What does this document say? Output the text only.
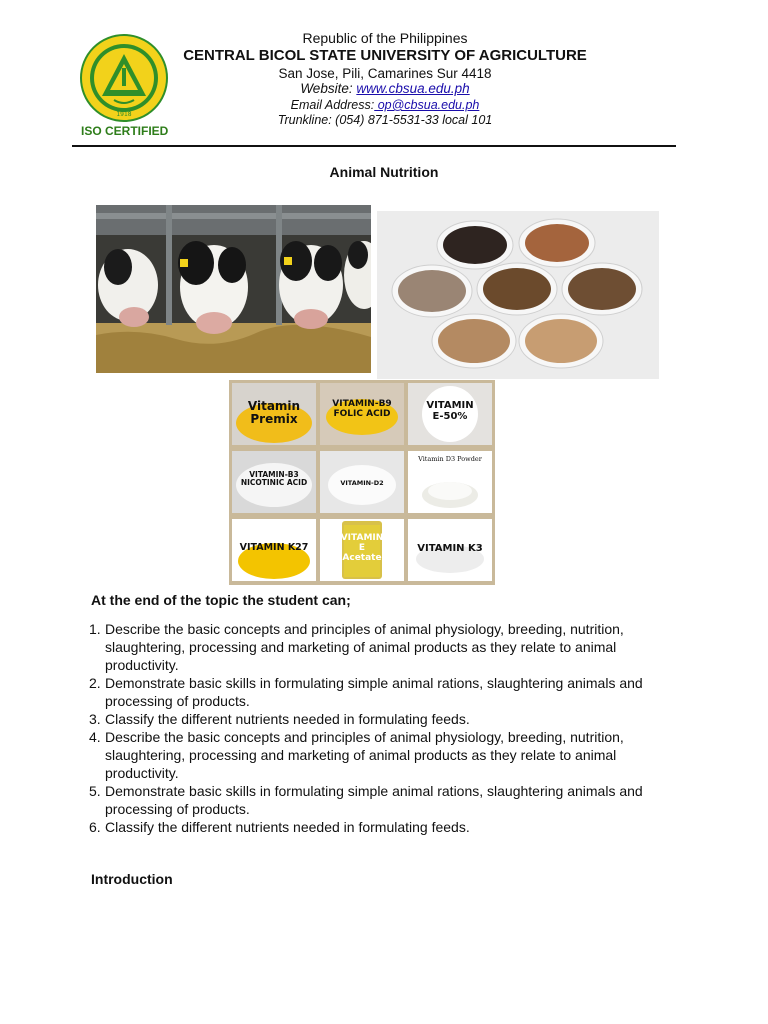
1918
ISO CERTIFIED
Republic of the Philippines
CENTRAL BICOL STATE UNIVERSITY OF AGRICULTURE
San Jose, Pili, Camarines Sur 4418
Website: www.cbsua.edu.ph
Email Address: op@cbsua.edu.ph
Trunkline: (054) 871-5531-33 local 101
Animal Nutrition
Vitamin
Premix
VITAMIN-B9
FOLIC ACID
VITAMIN
E-50%
VITAMIN-B3
NICOTINIC ACID	VITAMIN-D2
Vitamin D3 Powder
VITAMIN K27
VITAMIN
E
Acetate
VITAMIN K3
At the end of the topic the student can;
1. Describe the basic concepts and principles of animal physiology, breeding, nutrition, slaughtering, processing and marketing of animal products as they relate to animal productivity.
2. Demonstrate basic skills in formulating simple animal rations, slaughtering animals and processing of products.
3. Classify the different nutrients needed in formulating feeds.
4. Describe the basic concepts and principles of animal physiology, breeding, nutrition, slaughtering, processing and marketing of animal products as they relate to animal productivity.
5. Demonstrate basic skills in formulating simple animal rations, slaughtering animals and processing of products.
6. Classify the different nutrients needed in formulating feeds.
Introduction
